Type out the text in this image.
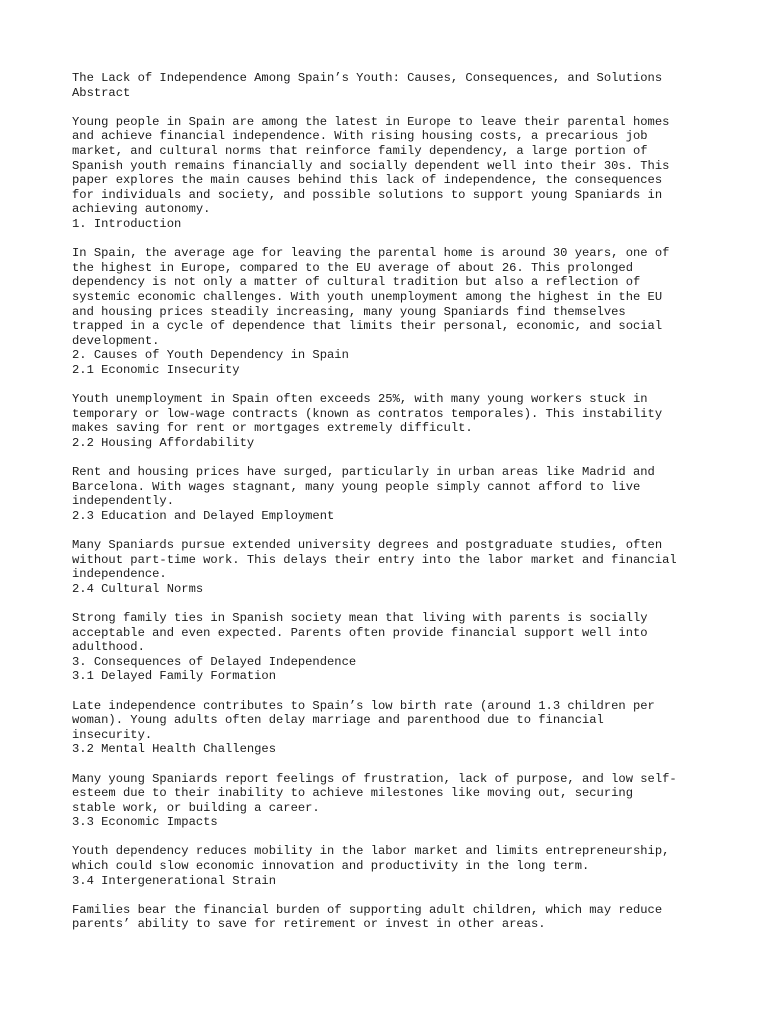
The Lack of Independence Among Spain’s Youth: Causes, Consequences, and Solutions
Abstract
Young people in Spain are among the latest in Europe to leave their parental homes
and achieve financial independence. With rising housing costs, a precarious job
market, and cultural norms that reinforce family dependency, a large portion of
Spanish youth remains financially and socially dependent well into their 30s. This
paper explores the main causes behind this lack of independence, the consequences
for individuals and society, and possible solutions to support young Spaniards in
achieving autonomy.
1. Introduction
In Spain, the average age for leaving the parental home is around 30 years, one of
the highest in Europe, compared to the EU average of about 26. This prolonged
dependency is not only a matter of cultural tradition but also a reflection of
systemic economic challenges. With youth unemployment among the highest in the EU
and housing prices steadily increasing, many young Spaniards find themselves
trapped in a cycle of dependence that limits their personal, economic, and social
development.
2. Causes of Youth Dependency in Spain
2.1 Economic Insecurity
Youth unemployment in Spain often exceeds 25%, with many young workers stuck in
temporary or low-wage contracts (known as contratos temporales). This instability
makes saving for rent or mortgages extremely difficult.
2.2 Housing Affordability
Rent and housing prices have surged, particularly in urban areas like Madrid and
Barcelona. With wages stagnant, many young people simply cannot afford to live
independently.
2.3 Education and Delayed Employment
Many Spaniards pursue extended university degrees and postgraduate studies, often
without part-time work. This delays their entry into the labor market and financial
independence.
2.4 Cultural Norms
Strong family ties in Spanish society mean that living with parents is socially
acceptable and even expected. Parents often provide financial support well into
adulthood.
3. Consequences of Delayed Independence
3.1 Delayed Family Formation
Late independence contributes to Spain’s low birth rate (around 1.3 children per
woman). Young adults often delay marriage and parenthood due to financial
insecurity.
3.2 Mental Health Challenges
Many young Spaniards report feelings of frustration, lack of purpose, and low self-
esteem due to their inability to achieve milestones like moving out, securing
stable work, or building a career.
3.3 Economic Impacts
Youth dependency reduces mobility in the labor market and limits entrepreneurship,
which could slow economic innovation and productivity in the long term.
3.4 Intergenerational Strain
Families bear the financial burden of supporting adult children, which may reduce
parents’ ability to save for retirement or invest in other areas.
